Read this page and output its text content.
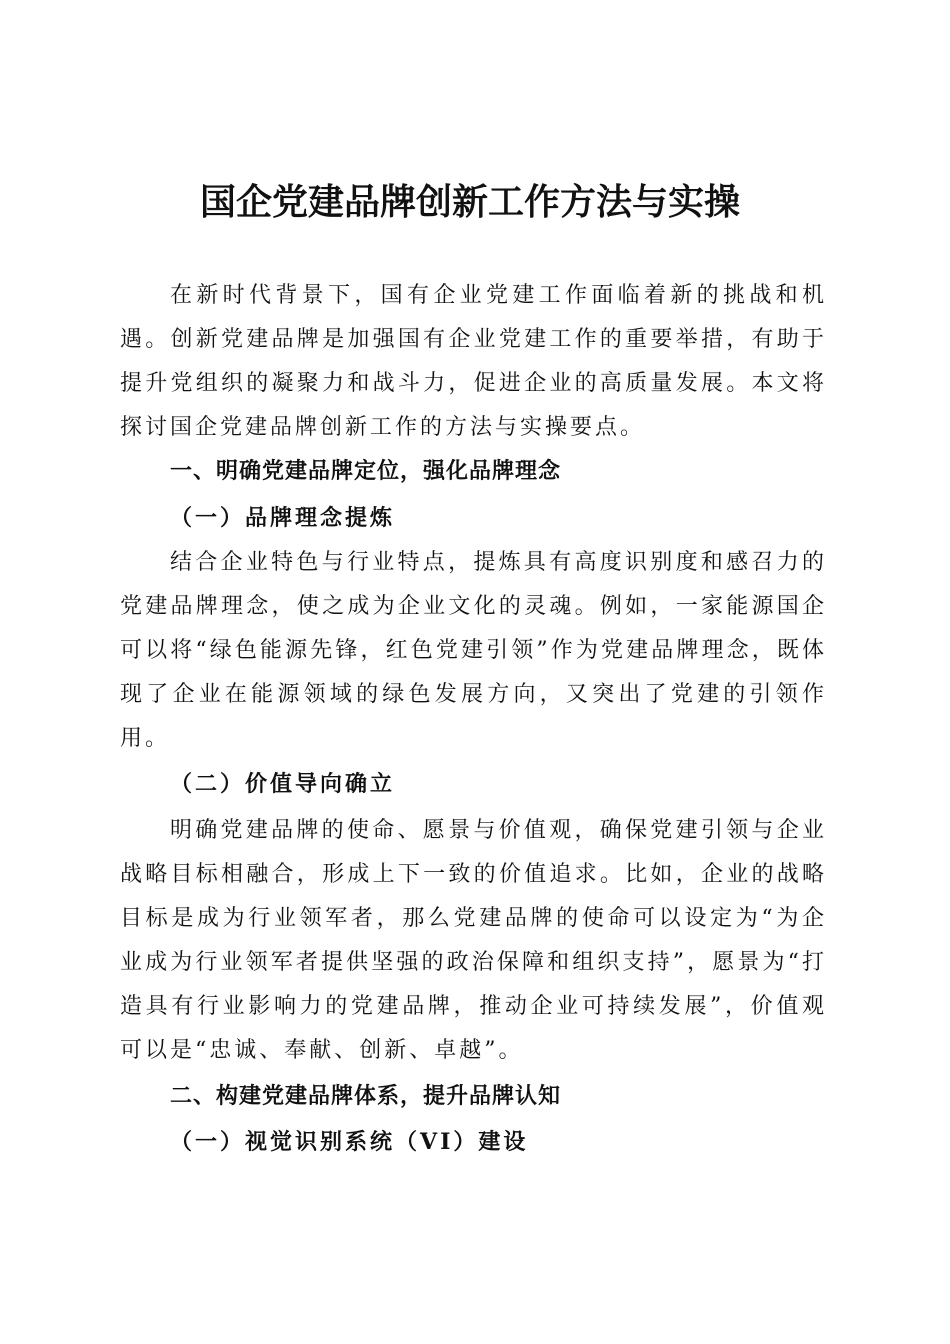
国企党建品牌创新工作方法与实操

在新时代背景下，国有企业党建工作面临着新的挑战和机遇。创新党建品牌是加强国有企业党建工作的重要举措，有助于提升党组织的凝聚力和战斗力，促进企业的高质量发展。本文将探讨国企党建品牌创新工作的方法与实操要点。

一、明确党建品牌定位，强化品牌理念
（一）品牌理念提炼

结合企业特色与行业特点，提炼具有高度识别度和感召力的党建品牌理念，使之成为企业文化的灵魂。例如，一家能源国企可以将“绿色能源先锋，红色党建引领”作为党建品牌理念，既体现了企业在能源领域的绿色发展方向，又突出了党建的引领作用。

（二）价值导向确立

明确党建品牌的使命、愿景与价值观，确保党建引领与企业战略目标相融合，形成上下一致的价值追求。比如，企业的战略目标是成为行业领军者，那么党建品牌的使命可以设定为“为企业成为行业领军者提供坚强的政治保障和组织支持”，愿景为“打造具有行业影响力的党建品牌，推动企业可持续发展”，价值观可以是“忠诚、奉献、创新、卓越”。

二、构建党建品牌体系，提升品牌认知
（一）视觉识别系统（VI）建设
